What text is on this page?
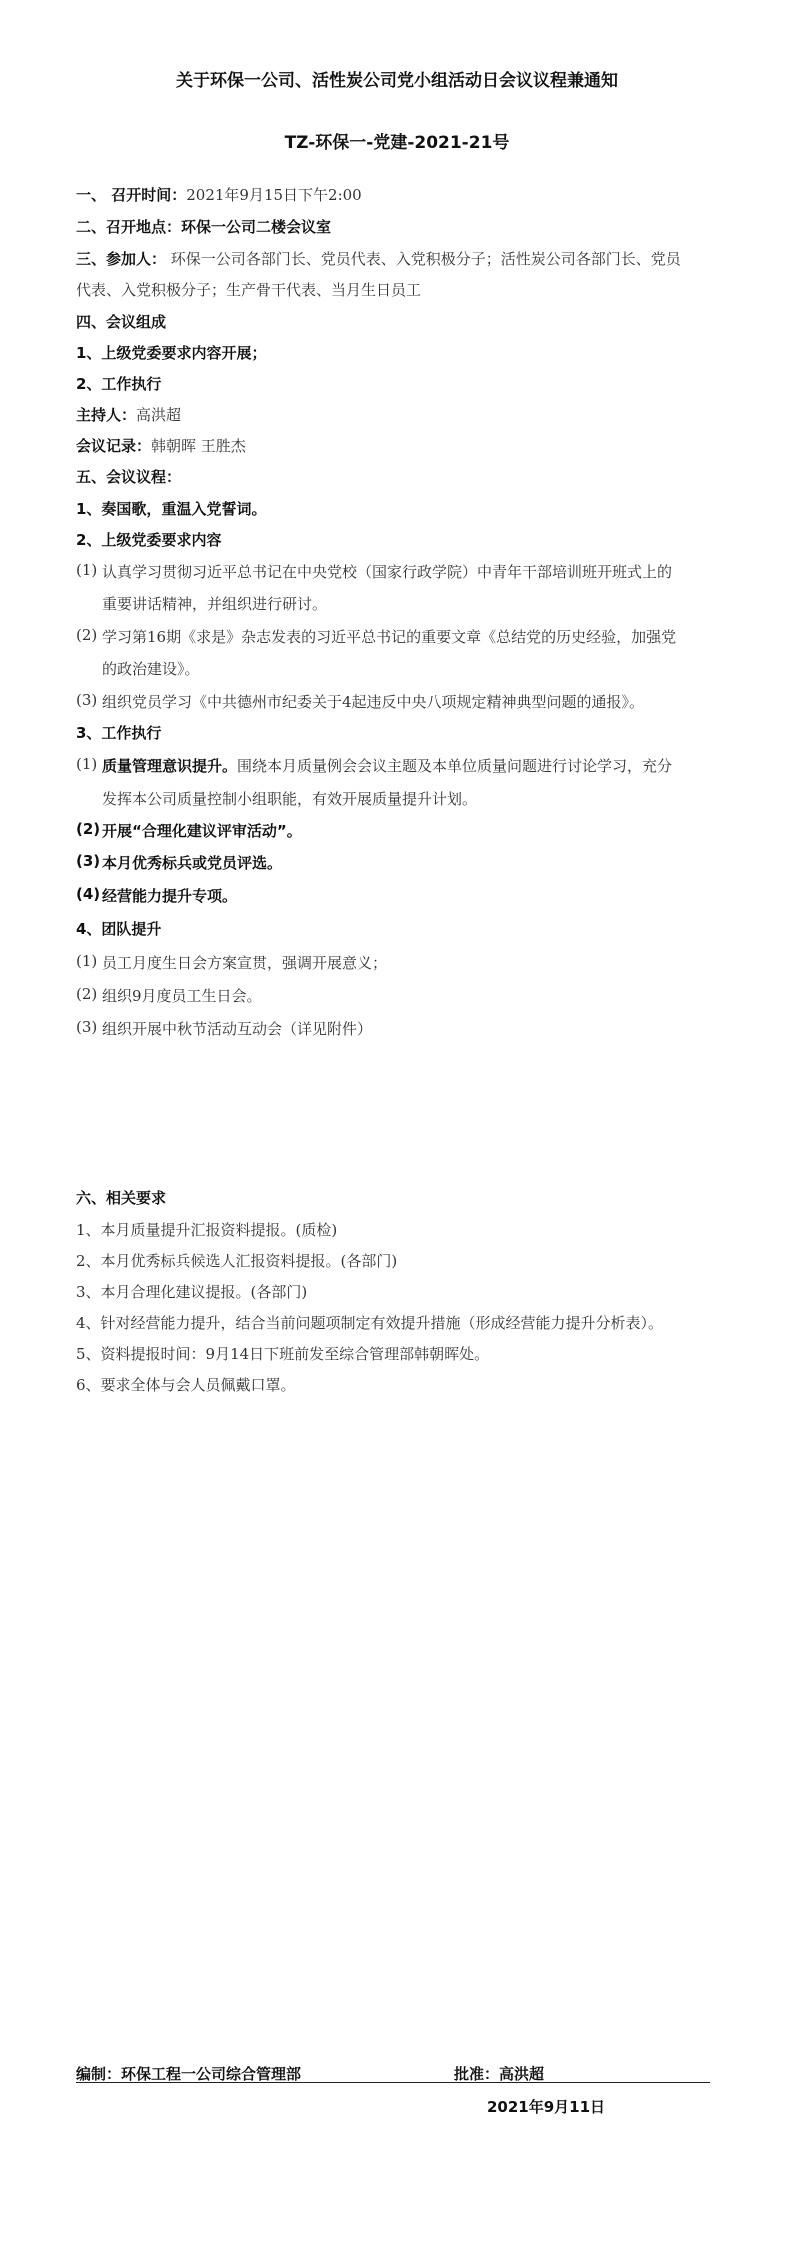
关于环保一公司、活性炭公司党小组活动日会议议程兼通知
TZ-环保一-党建-2021-21号
一、 召开时间：2021年9月15日下午2:00
二、召开地点：环保一公司二楼会议室
三、参加人： 环保一公司各部门长、党员代表、入党积极分子；活性炭公司各部门长、党员
代表、入党积极分子；生产骨干代表、当月生日员工
四、会议组成
1、上级党委要求内容开展；
2、工作执行
主持人：高洪超
会议记录：韩朝晖 王胜杰
五、会议议程：
1、奏国歌，重温入党誓词。
2、上级党委要求内容
(1) 认真学习贯彻习近平总书记在中央党校（国家行政学院）中青年干部培训班开班式上的
重要讲话精神，并组织进行研讨。
(2) 学习第16期《求是》杂志发表的习近平总书记的重要文章《总结党的历史经验，加强党
的政治建设》。
(3) 组织党员学习《中共德州市纪委关于4起违反中央八项规定精神典型问题的通报》。
3、工作执行
(1) 质量管理意识提升。围绕本月质量例会会议主题及本单位质量问题进行讨论学习，充分
发挥本公司质量控制小组职能，有效开展质量提升计划。
(2) 开展“合理化建议评审活动”。
(3) 本月优秀标兵或党员评选。
(4) 经营能力提升专项。
4、团队提升
(1) 员工月度生日会方案宣贯，强调开展意义；
(2) 组织9月度员工生日会。
(3) 组织开展中秋节活动互动会（详见附件）
六、相关要求
1、本月质量提升汇报资料提报。(质检)
2、本月优秀标兵候选人汇报资料提报。(各部门)
3、本月合理化建议提报。(各部门)
4、针对经营能力提升，结合当前问题项制定有效提升措施（形成经营能力提升分析表）。
5、资料提报时间：9月14日下班前发至综合管理部韩朝晖处。
6、要求全体与会人员佩戴口罩。
编制：环保工程一公司综合管理部	批准：高洪超
2021年9月11日
